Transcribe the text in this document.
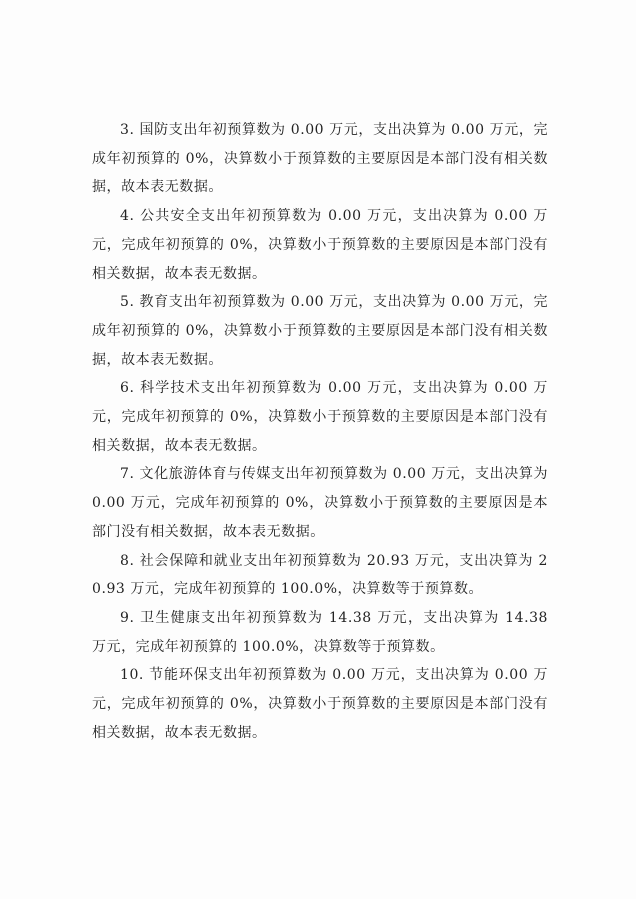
3. 国防支出年初预算数为 0.00 万元，支出决算为 0.00 万元，完成年初预算的 0%，决算数小于预算数的主要原因是本部门没有相关数据，故本表无数据。

4. 公共安全支出年初预算数为 0.00 万元，支出决算为 0.00 万元，完成年初预算的 0%，决算数小于预算数的主要原因是本部门没有相关数据，故本表无数据。

5. 教育支出年初预算数为 0.00 万元，支出决算为 0.00 万元，完成年初预算的 0%，决算数小于预算数的主要原因是本部门没有相关数据，故本表无数据。

6. 科学技术支出年初预算数为 0.00 万元，支出决算为 0.00 万元，完成年初预算的 0%，决算数小于预算数的主要原因是本部门没有相关数据，故本表无数据。

7. 文化旅游体育与传媒支出年初预算数为 0.00 万元，支出决算为 0.00 万元，完成年初预算的 0%，决算数小于预算数的主要原因是本部门没有相关数据，故本表无数据。

8. 社会保障和就业支出年初预算数为 20.93 万元，支出决算为 20.93 万元，完成年初预算的 100.0%，决算数等于预算数。

9. 卫生健康支出年初预算数为 14.38 万元，支出决算为 14.38 万元，完成年初预算的 100.0%，决算数等于预算数。

10. 节能环保支出年初预算数为 0.00 万元，支出决算为 0.00 万元，完成年初预算的 0%，决算数小于预算数的主要原因是本部门没有相关数据，故本表无数据。
